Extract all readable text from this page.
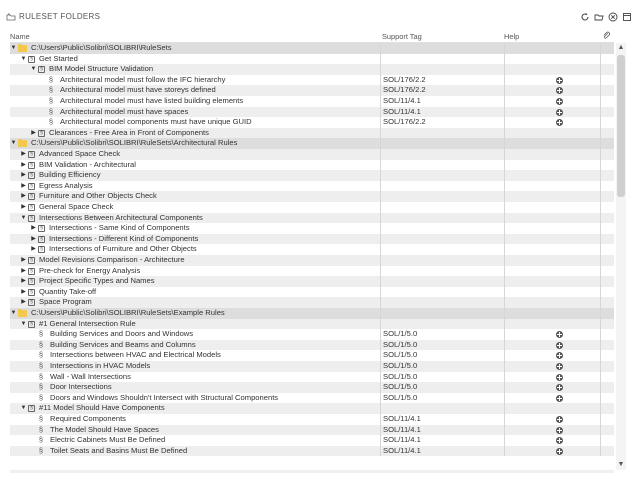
RULESET FOLDERS
Name	Support Tag	Help
▼ C:\Users\Public\Solibri\SOLIBRI\RuleSets
▼ § Get Started
▼ § BIM Model Structure Validation
§ Architectural model must follow the IFC hierarchy	SOL/176/2.2
§ Architectural model must have storeys defined	SOL/176/2.2
§ Architectural model must have listed building elements	SOL/11/4.1
§ Architectural model must have spaces	SOL/11/4.1
§ Architectural model components must have unique GUID	SOL/176/2.2
▶ § Clearances - Free Area in Front of Components
▼ C:\Users\Public\Solibri\SOLIBRI\RuleSets\Architectural Rules
▶ § Advanced Space Check
▶ § BIM Validation - Architectural
▶ § Building Efficiency
▶ § Egress Analysis
▶ § Furniture and Other Objects Check
▶ § General Space Check
▼ § Intersections Between Architectural Components
▶ § Intersections - Same Kind of Components
▶ § Intersections - Different Kind of Components
▶ § Intersections of Furniture and Other Objects
▶ § Model Revisions Comparison - Architecture
▶ § Pre-check for Energy Analysis
▶ § Project Specific Types and Names
▶ § Quantity Take-off
▶ § Space Program
▼ C:\Users\Public\Solibri\SOLIBRI\RuleSets\Example Rules
▼ § #1 General Intersection Rule
§ Building Services and Doors and Windows	SOL/1/5.0
§ Building Services and Beams and Columns	SOL/1/5.0
§ Intersections between HVAC and Electrical Models	SOL/1/5.0
§ Intersections in HVAC Models	SOL/1/5.0
§ Wall - Wall Intersections	SOL/1/5.0
§ Door Intersections	SOL/1/5.0
§ Doors and Windows Shouldn't Intersect with Structural Components	SOL/1/5.0
▼ § #11 Model Should Have Components
§ Required Components	SOL/11/4.1
§ The Model Should Have Spaces	SOL/11/4.1
§ Electric Cabinets Must Be Defined	SOL/11/4.1
§ Toilet Seats and Basins Must Be Defined	SOL/11/4.1
▲
▼
